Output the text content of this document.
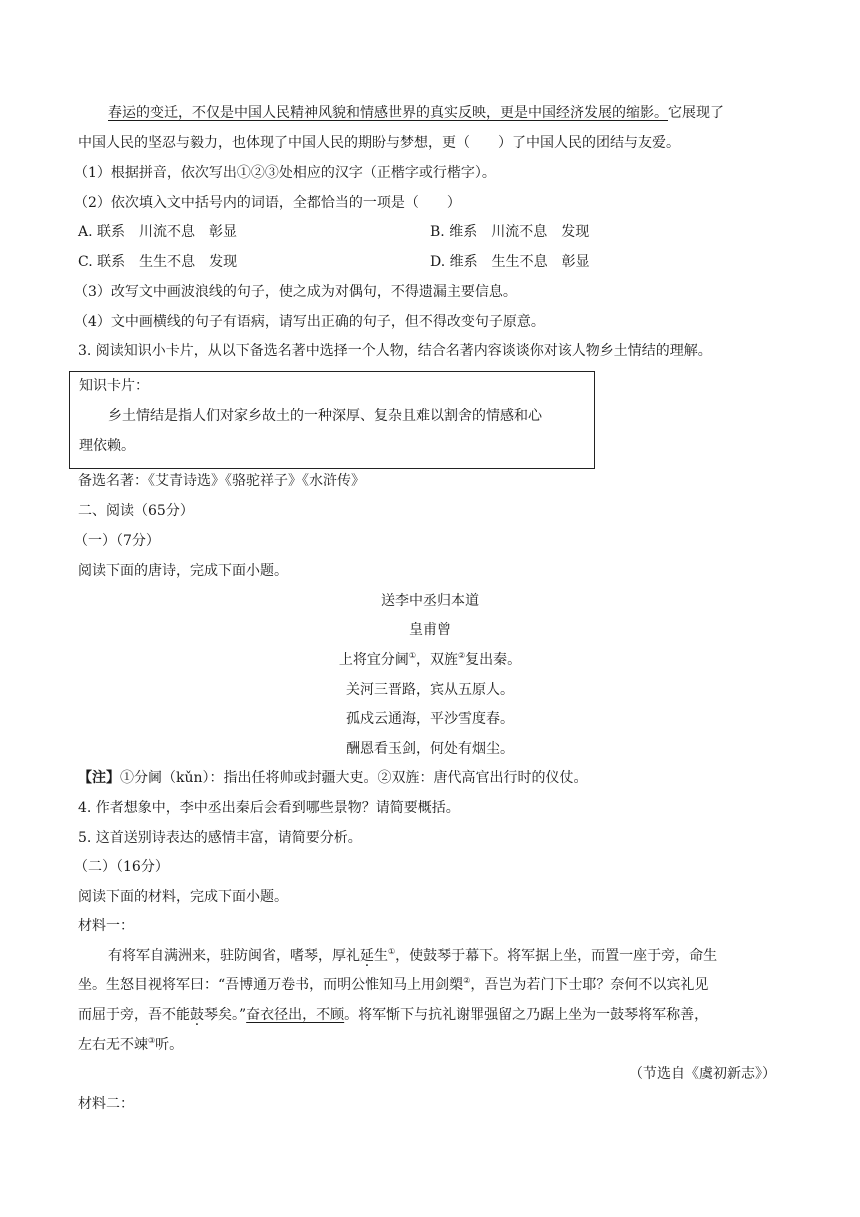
春运的变迁，不仅是中国人民精神风貌和情感世界的真实反映，更是中国经济发展的缩影。它展现了
中国人民的坚忍与毅力，也体现了中国人民的期盼与梦想，更（　　）了中国人民的团结与友爱。
（1）根据拼音，依次写出①②③处相应的汉字（正楷字或行楷字）。
（2）依次填入文中括号内的词语，全都恰当的一项是（　　）
A. 联系　川流不息　彰显	B. 维系　川流不息　发现
C. 联系　生生不息　发现	D. 维系　生生不息　彰显
（3）改写文中画波浪线的句子，使之成为对偶句，不得遗漏主要信息。
（4）文中画横线的句子有语病，请写出正确的句子，但不得改变句子原意。
3. 阅读知识小卡片，从以下备选名著中选择一个人物，结合名著内容谈谈你对该人物乡土情结的理解。
知识卡片：
乡土情结是指人们对家乡故土的一种深厚、复杂且难以割舍的情感和心
理依赖。
备选名著：《艾青诗选》《骆驼祥子》《水浒传》
二、阅读（65分）
（一）（7分）
阅读下面的唐诗，完成下面小题。
送李中丞归本道
皇甫曾
上将宜分阃①，双旌②复出秦。
关河三晋路，宾从五原人。
孤戍云通海，平沙雪度春。
酬恩看玉剑，何处有烟尘。
【注】①分阃（kǔn）：指出任将帅或封疆大吏。②双旌：唐代高官出行时的仪仗。
4. 作者想象中，李中丞出秦后会看到哪些景物？请简要概括。
5. 这首送别诗表达的感情丰富，请简要分析。
（二）（16分）
阅读下面的材料，完成下面小题。
材料一：
有将军自满洲来，驻防闽省，嗜琴，厚礼延生①，使鼓琴于幕下。将军据上坐，而置一座于旁，命生
坐。生怒目视将军曰：“吾博通万卷书，而明公惟知马上用剑槊②，吾岂为若门下士耶？奈何不以宾礼见
而屈于旁，吾不能鼓琴矣。”奋衣径出，不顾。将军惭下与抗礼谢罪强留之乃踞上坐为一鼓琴将军称善，
左右无不竦③听。
（节选自《虞初新志》）
材料二：
